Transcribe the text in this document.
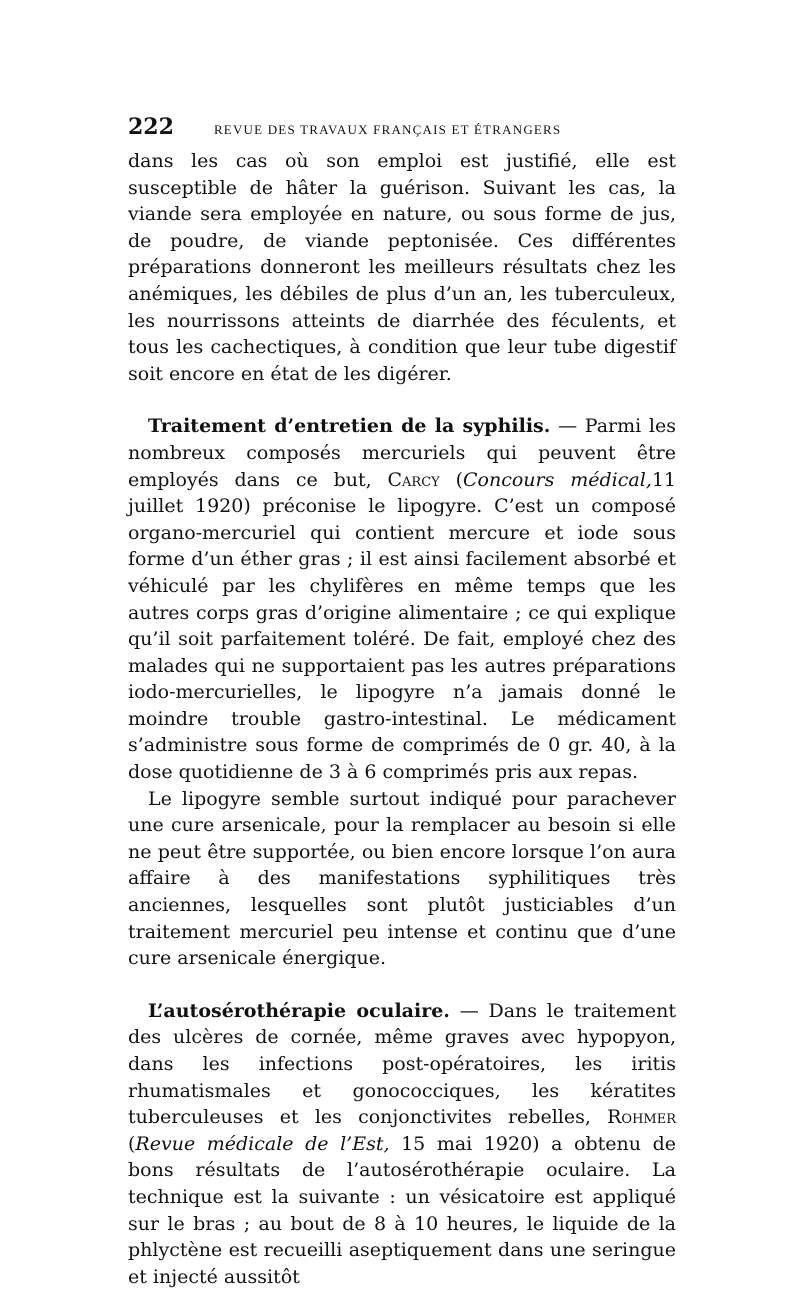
222	REVUE DES TRAVAUX FRANÇAIS ET ÉTRANGERS

dans les cas où son emploi est justifié, elle est susceptible de hâter la guérison. Suivant les cas, la viande sera employée en nature, ou sous forme de jus, de poudre, de viande peptonisée. Ces différentes préparations donneront les meilleurs résultats chez les anémiques, les débiles de plus d’un an, les tuberculeux, les nourrissons atteints de diarrhée des féculents, et tous les cachectiques, à condition que leur tube digestif soit encore en état de les digérer.

Traitement d’entretien de la syphilis. — Parmi les nombreux composés mercuriels qui peuvent être employés dans ce but, Carcy (Concours médical,11 juillet 1920) préconise le lipogyre. C’est un composé organo-mercuriel qui contient mercure et iode sous forme d’un éther gras ; il est ainsi facilement absorbé et véhiculé par les chylifères en même temps que les autres corps gras d’origine alimentaire ; ce qui explique qu’il soit parfaitement toléré. De fait, employé chez des malades qui ne supportaient pas les autres préparations iodo-mercurielles, le lipogyre n’a jamais donné le moindre trouble gastro-intestinal. Le médicament s’administre sous forme de comprimés de 0 gr. 40, à la dose quotidienne de 3 à 6 comprimés pris aux repas.

Le lipogyre semble surtout indiqué pour parachever une cure arsenicale, pour la remplacer au besoin si elle ne peut être supportée, ou bien encore lorsque l’on aura affaire à des manifestations syphilitiques très anciennes, lesquelles sont plutôt justiciables d’un traitement mercuriel peu intense et continu que d’une cure arsenicale énergique.

L’autosérothérapie oculaire. — Dans le traitement des ulcères de cornée, même graves avec hypopyon, dans les infections post-opératoires, les iritis rhumatismales et gonococciques, les kératites tuberculeuses et les conjonctivites rebelles, Rohmer (Revue médicale de l’Est, 15 mai 1920) a obtenu de bons résultats de l’autosérothérapie oculaire. La technique est la suivante : un vésicatoire est appliqué sur le bras ; au bout de 8 à 10 heures, le liquide de la phlyctène est recueilli aseptiquement dans une seringue et injecté aussitôt
